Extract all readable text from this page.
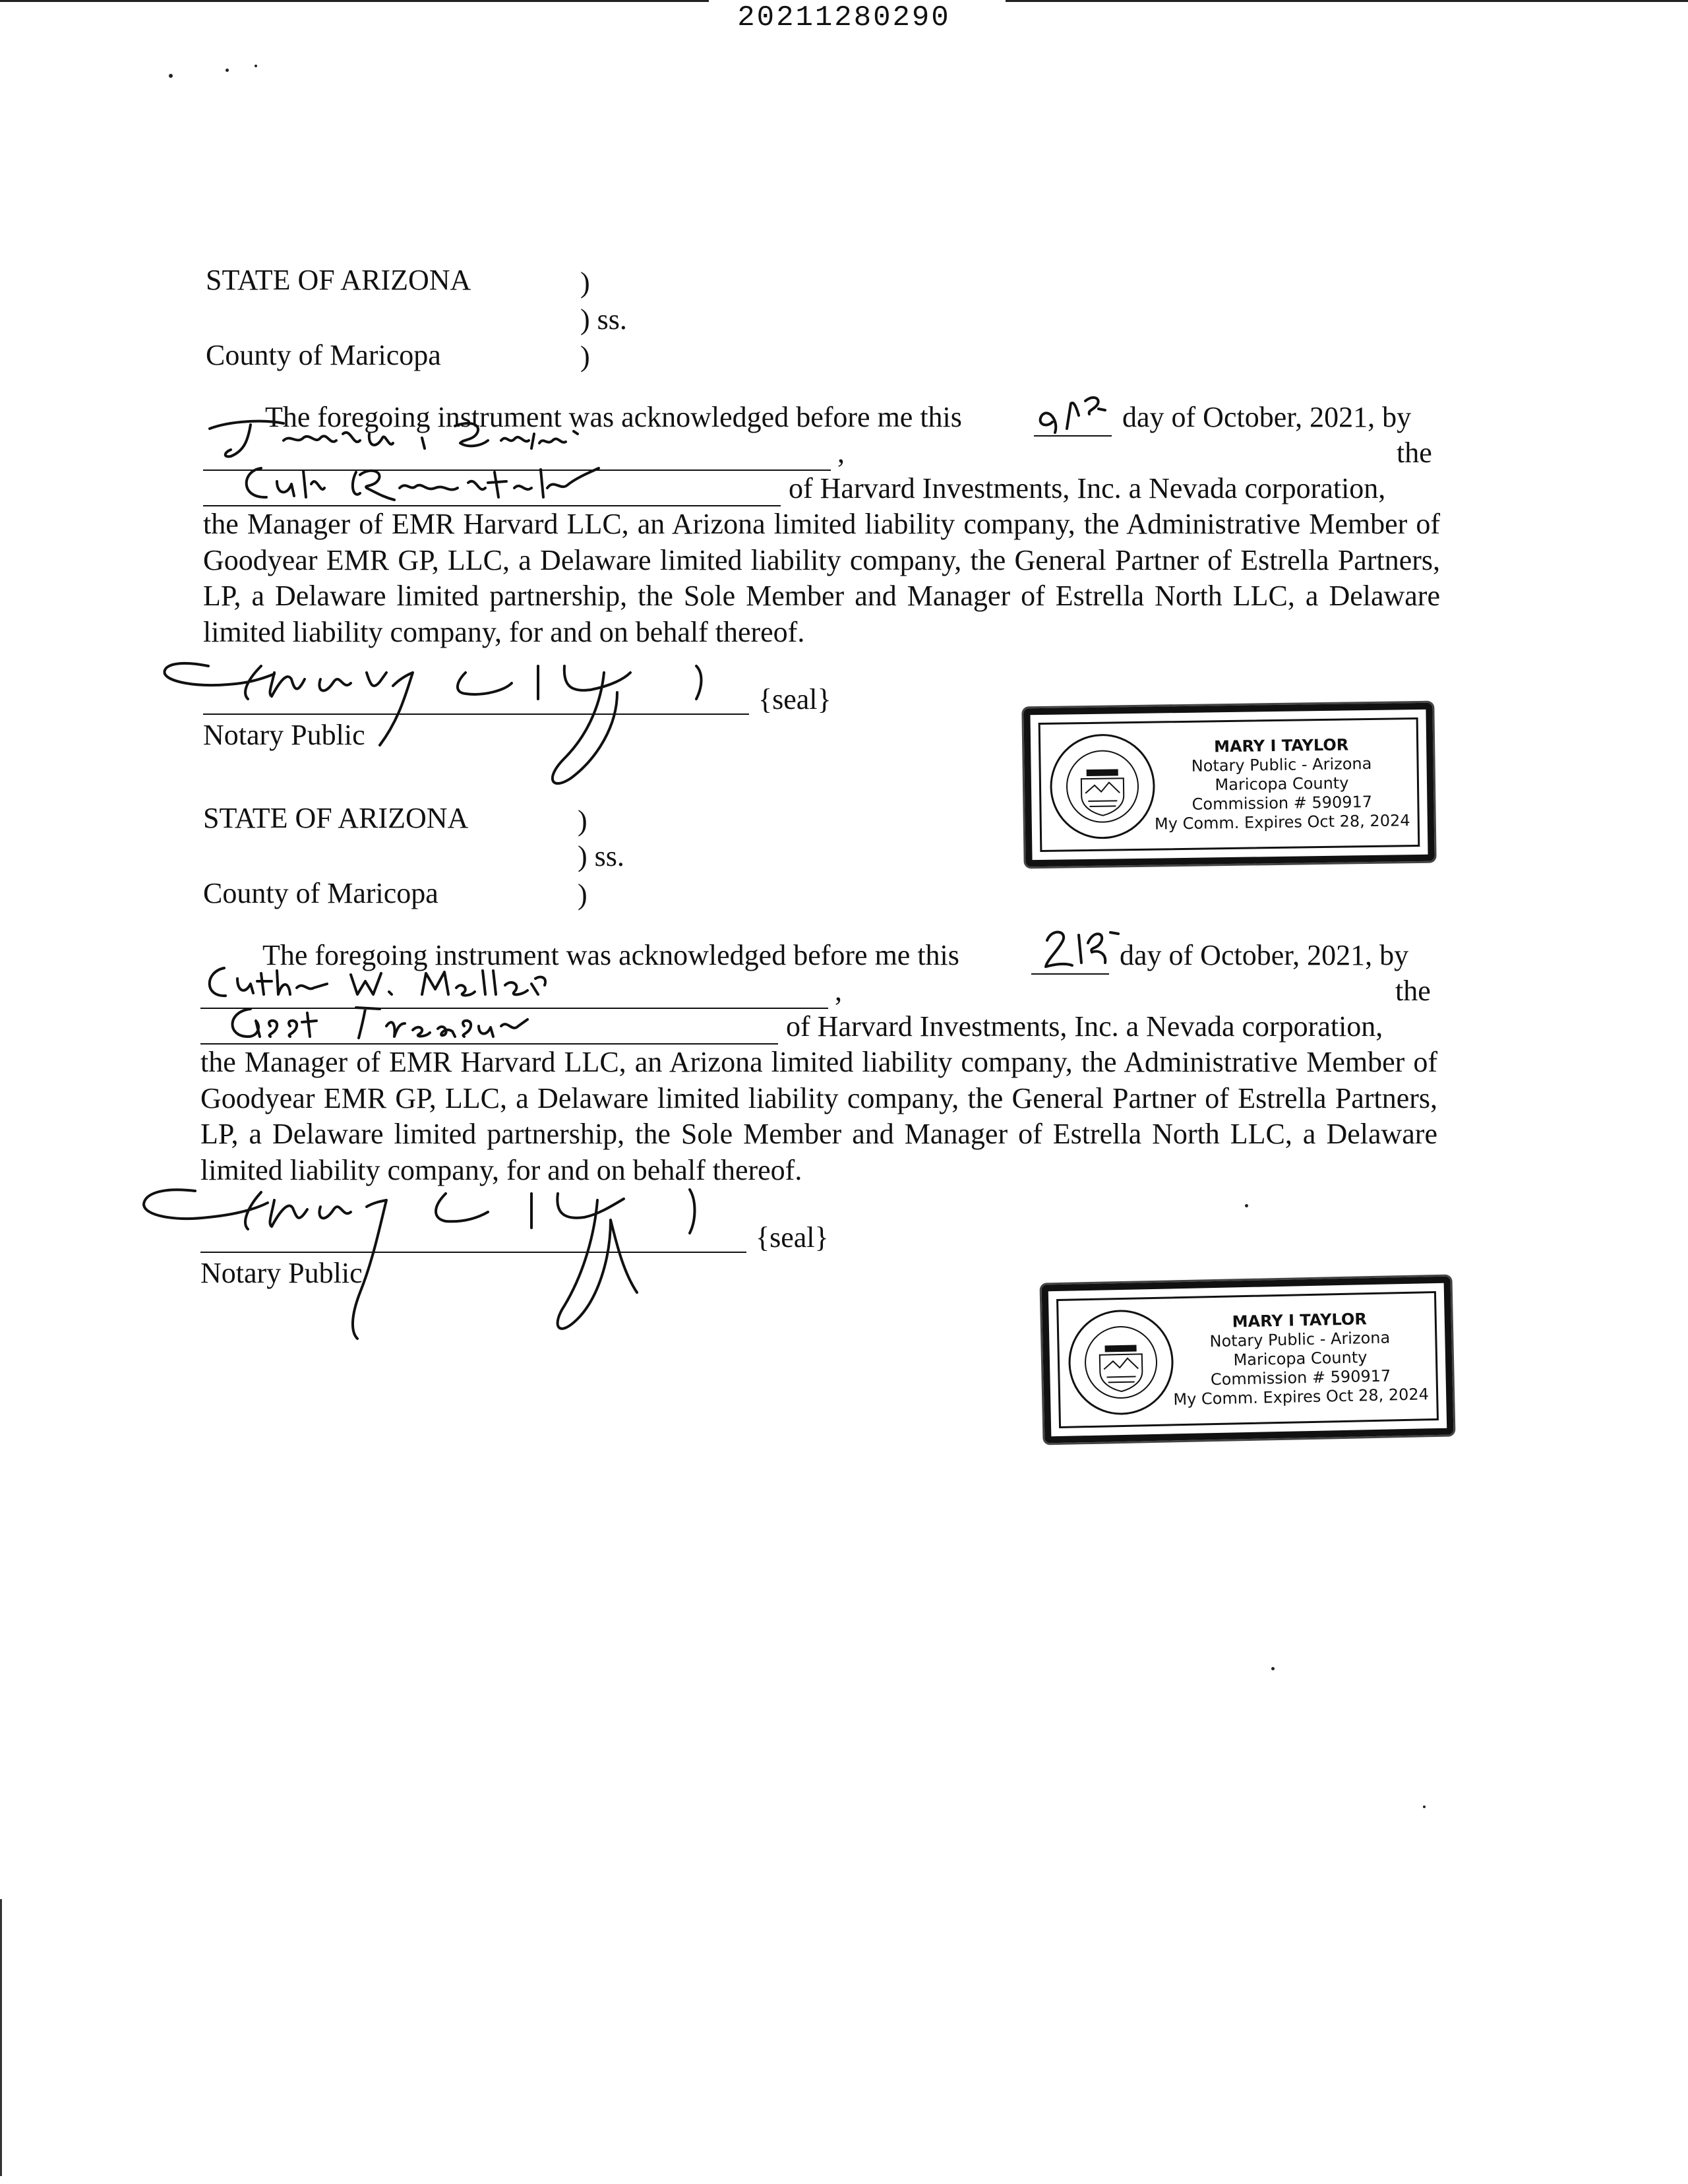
20211280290
STATE OF ARIZONA	)
) ss.
County of Maricopa	)
The foregoing instrument was acknowledged before me this	day of October, 2021, by
,	the
of Harvard Investments, Inc. a Nevada corporation,
the Manager of EMR Harvard LLC, an Arizona limited liability company, the Administrative Member of Goodyear EMR GP, LLC, a Delaware limited liability company, the General Partner of Estrella Partners, LP, a Delaware limited partnership, the Sole Member and Manager of Estrella North LLC, a Delaware limited liability company, for and on behalf thereof.
{seal}
Notary Public	MARY I TAYLOR
Notary Public - Arizona
Maricopa County
Commission # 590917
My Comm. Expires Oct 28, 2024
STATE OF ARIZONA	)
) ss.
County of Maricopa	)
The foregoing instrument was acknowledged before me this	day of October, 2021, by
,	the
of Harvard Investments, Inc. a Nevada corporation,
the Manager of EMR Harvard LLC, an Arizona limited liability company, the Administrative Member of Goodyear EMR GP, LLC, a Delaware limited liability company, the General Partner of Estrella Partners, LP, a Delaware limited partnership, the Sole Member and Manager of Estrella North LLC, a Delaware limited liability company, for and on behalf thereof.
{seal}
Notary Public
MARY I TAYLOR
Notary Public - Arizona
Maricopa County
Commission # 590917
My Comm. Expires Oct 28, 2024
